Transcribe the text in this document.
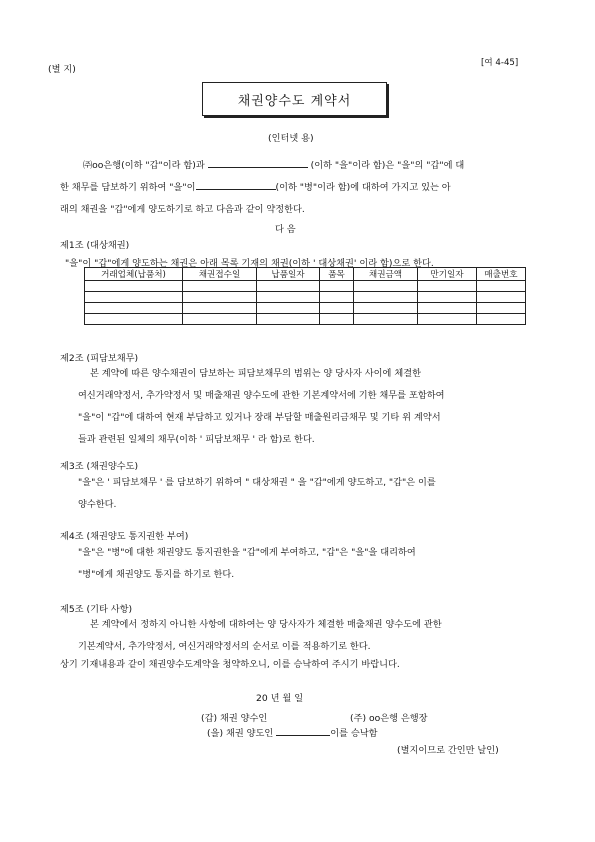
(별 지)
[여 4-45]
채권양수도 계약서
(인터넷 용)
㈜oo은행(이하 "갑"이라 함)과	(이하 "을"이라 함)은 "을"의 "갑"에 대
한 채무를 담보하기 위하여 "을"이	(이하 "병"이라 함)에 대하여 가지고 있는 아
래의 채권을 "갑"에게 양도하기로 하고 다음과 같이 약정한다.
다 음
제1조 (대상채권)
"을"이 "갑"에게 양도하는 채권은 아래 목록 기재의 채권(이하 ' 대상채권' 이라 함)으로 한다.
거래업체(납품처)	채권접수일	납품일자	품목	채권금액	만기일자	매출번호

제2조 (피담보채무)
본 계약에 따른 양수채권이 담보하는 피담보채무의 범위는 양 당사자 사이에 체결한
여신거래약정서, 추가약정서 및 매출채권 양수도에 관한 기본계약서에 기한 채무를 포함하여
"을"이 "갑"에 대하여 현재 부담하고 있거나 장래 부담할 매출원리금채무 및 기타 위 계약서
들과 관련된 일체의 채무(이하 ' 피담보채무 ' 라 함)로 한다.
제3조 (채권양수도)
"을"은 ' 피담보채무 ' 를 담보하기 위하여 " 대상채권 " 을 "갑"에게 양도하고, "갑"은 이를
양수한다.
제4조 (채권양도 통지권한 부여)
"을"은 "병"에 대한 채권양도 통지권한을 "갑"에게 부여하고, "갑"은 "을"을 대리하여
"병"에게 채권양도 통지를 하기로 한다.
제5조 (기타 사항)
본 계약에서 정하지 아니한 사항에 대하여는 양 당사자가 체결한 매출채권 양수도에 관한
기본계약서, 추가약정서, 여신거래약정서의 순서로 이를 적용하기로 한다.
상기 기재내용과 같이 채권양수도계약을 청약하오니, 이를 승낙하여 주시기 바랍니다.
20 년 월 일
(갑) 채권 양수인	(주) oo은행 은행장
(을) 채권 양도인	이를 승낙함
(별지이므로 간인만 날인)
